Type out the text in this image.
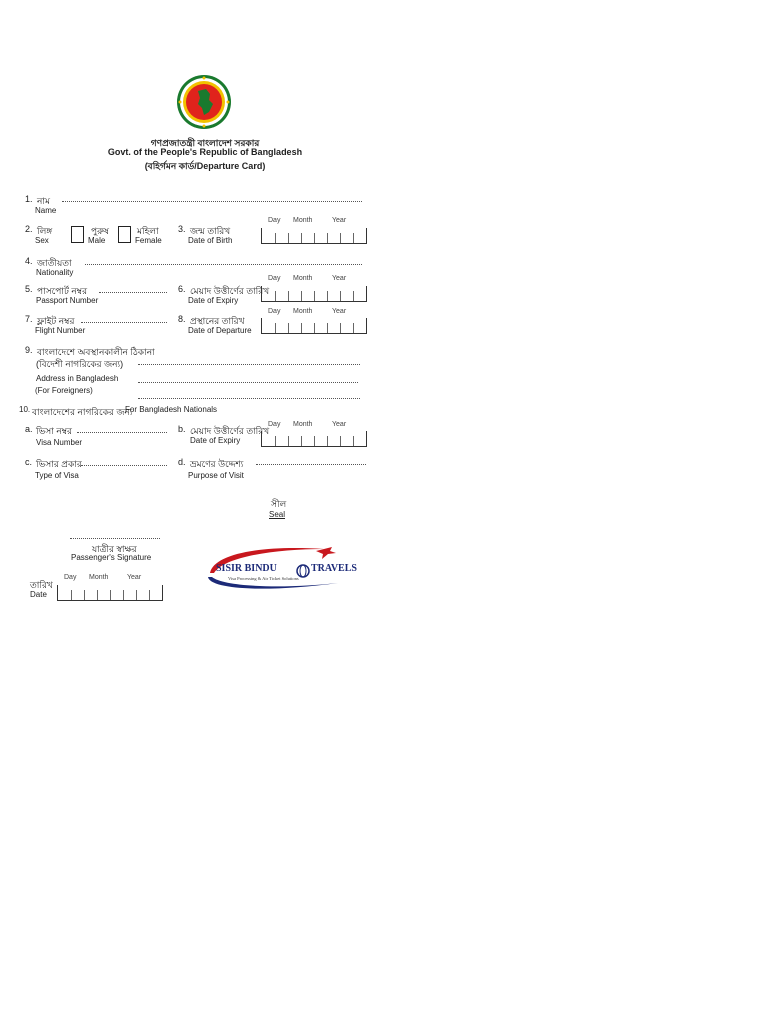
গণপ্রজাতন্ত্রী বাংলাদেশ সরকার
Govt. of the People's Republic of Bangladesh
(বহির্গমন কার্ড/Departure Card)
1. নাম
Name
Day Month	Year
2. লিঙ্গ
Sex
পুরুষ
Male
মহিলা
Female
3. জন্ম তারিখ
Date of Birth
4. জাতীয়তা
Nationality
Day Month	Year
5. পাসপোর্ট নম্বর
Passport Number
6. মেয়াদ উত্তীর্ণের তারিখ
Date of Expiry
Day Month	Year
7. ফ্লাইট নম্বর
Flight Number
8. প্রস্থানের তারিখ
Date of Departure
9. বাংলাদেশে অবস্থানকালীন ঠিকানা
(বিদেশী নাগরিকের জন্য)
Address in Bangladesh
(For Foreigners)
10. বাংলাদেশের নাগরিকের জন্য
For Bangladesh Nationals
Day Month	Year
a. ভিসা নম্বর
Visa Number
b. মেয়াদ উত্তীর্ণের তারিখ
Date of Expiry
c. ভিসার প্রকার
Type of Visa
d. ভ্রমণের উদ্দেশ্য
Purpose of Visit
সীল
Seal
যাত্রীর স্বাক্ষর
Passenger's Signature
Day Month	Year
তারিখ
Date
SISIR BINDU	TRAVELS
Visa Processing & Air Ticket Solutions
